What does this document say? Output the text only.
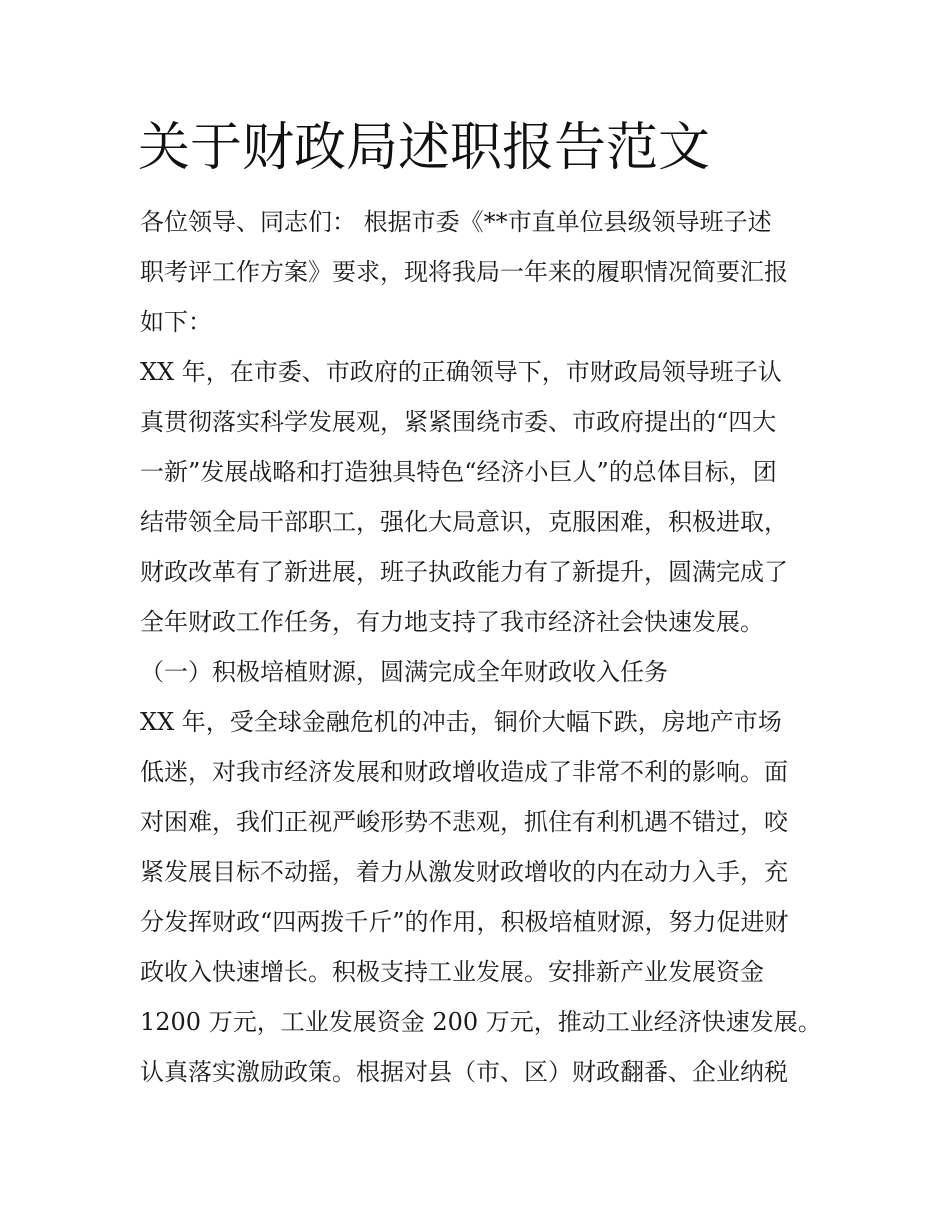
关于财政局述职报告范文

各位领导、同志们： 根据市委《**市直单位县级领导班子述

职考评工作方案》要求，现将我局一年来的履职情况简要汇报

如下：

XX 年，在市委、市政府的正确领导下，市财政局领导班子认

真贯彻落实科学发展观，紧紧围绕市委、市政府提出的“四大

一新”发展战略和打造独具特色“经济小巨人”的总体目标，团

结带领全局干部职工，强化大局意识，克服困难，积极进取，

财政改革有了新进展，班子执政能力有了新提升，圆满完成了

全年财政工作任务，有力地支持了我市经济社会快速发展。

（一）积极培植财源，圆满完成全年财政收入任务

XX 年，受全球金融危机的冲击，铜价大幅下跌，房地产市场

低迷，对我市经济发展和财政增收造成了非常不利的影响。面

对困难，我们正视严峻形势不悲观，抓住有利机遇不错过，咬

紧发展目标不动摇，着力从激发财政增收的内在动力入手，充

分发挥财政“四两拨千斤”的作用，积极培植财源，努力促进财

政收入快速增长。积极支持工业发展。安排新产业发展资金

1200 万元，工业发展资金 200 万元，推动工业经济快速发展。

认真落实激励政策。根据对县（市、区）财政翻番、企业纳税
